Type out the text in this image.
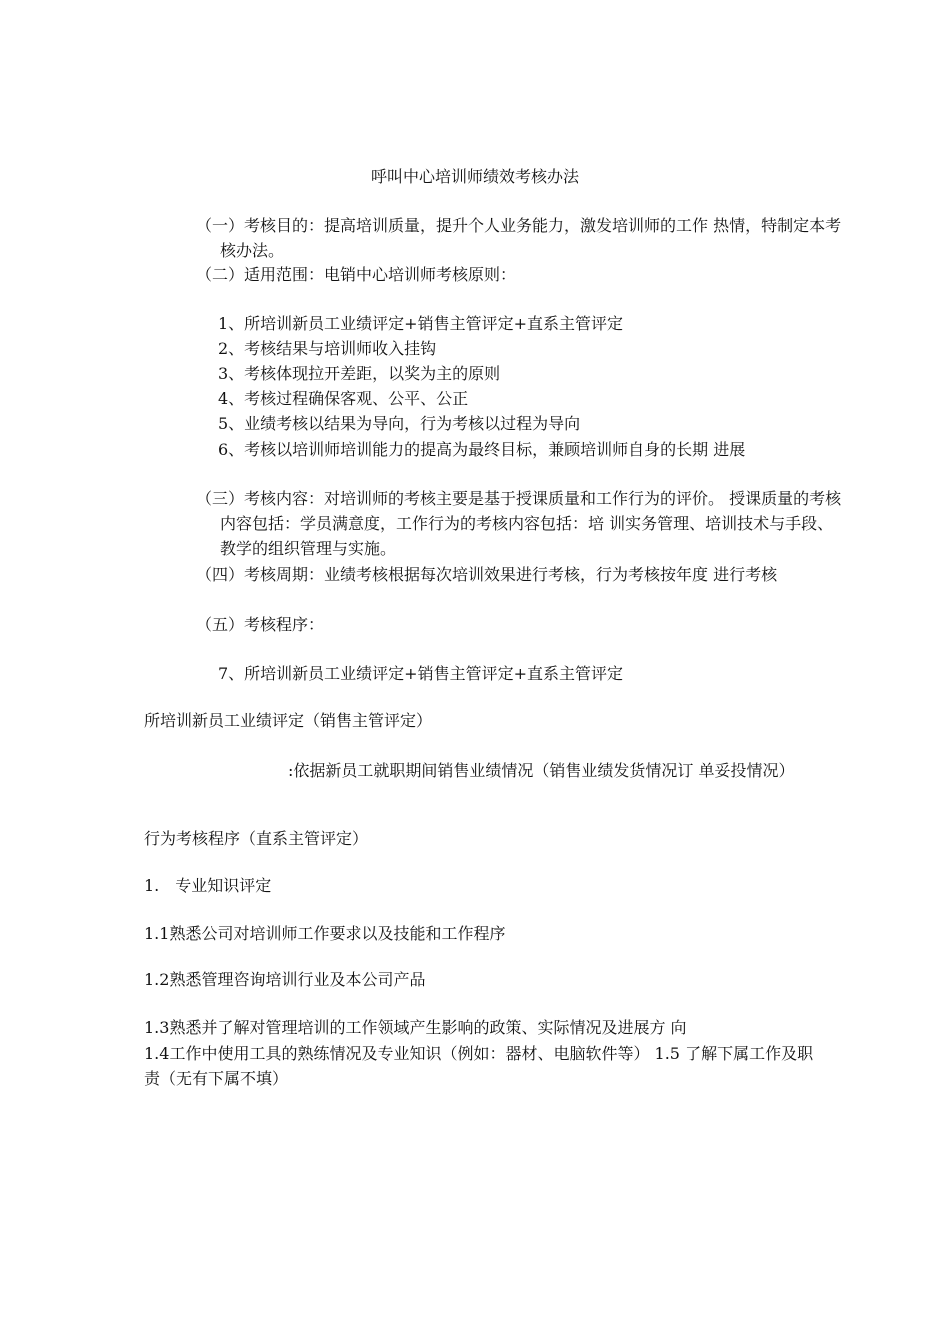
呼叫中心培训师绩效考核办法
（一）考核目的：提高培训质量，提升个人业务能力，激发培训师的工作 热情，特制定本考核办法。
（二）适用范围：电销中心培训师考核原则：
1、所培训新员工业绩评定+销售主管评定+直系主管评定
2、考核结果与培训师收入挂钩
3、考核体现拉开差距，以奖为主的原则
4、考核过程确保客观、公平、公正
5、业绩考核以结果为导向，行为考核以过程为导向
6、考核以培训师培训能力的提高为最终目标，兼顾培训师自身的长期 进展
（三）考核内容：对培训师的考核主要是基于授课质量和工作行为的评价。 授课质量的考核内容包括：学员满意度，工作行为的考核内容包括：培 训实务管理、培训技术与手段、教学的组织管理与实施。
（四）考核周期：业绩考核根据每次培训效果进行考核，行为考核按年度 进行考核
（五）考核程序：
7、所培训新员工业绩评定+销售主管评定+直系主管评定
所培训新员工业绩评定（销售主管评定）
:依据新员工就职期间销售业绩情况（销售业绩发货情况订 单妥投情况）
行为考核程序（直系主管评定）
1.　专业知识评定
1.1熟悉公司对培训师工作要求以及技能和工作程序
1.2熟悉管理咨询培训行业及本公司产品
1.3熟悉并了解对管理培训的工作领域产生影响的政策、实际情况及进展方 向
1.4工作中使用工具的熟练情况及专业知识（例如：器材、电脑软件等） 1.5 了解下属工作及职责（无有下属不填）
